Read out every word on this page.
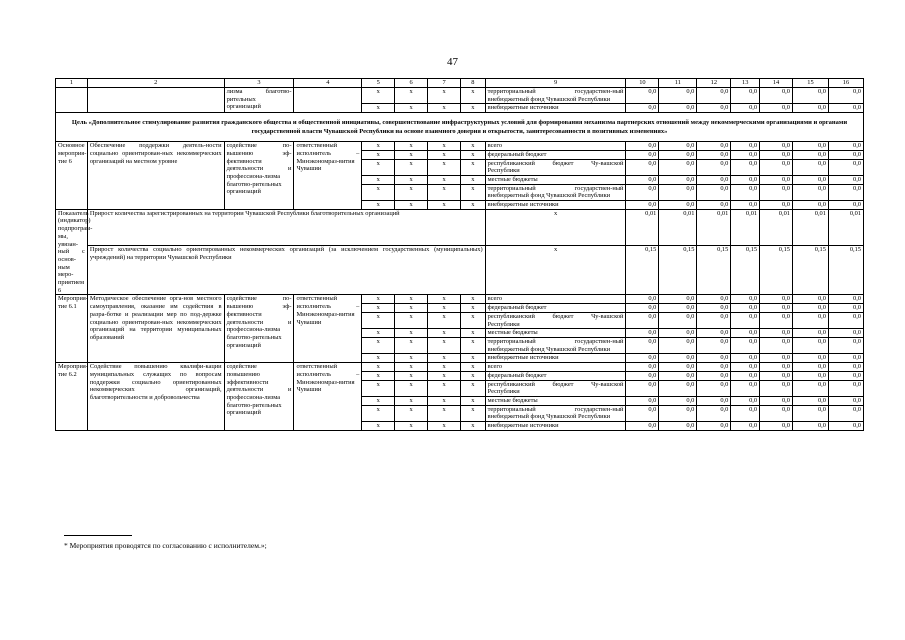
47
1	2	3	4	5	6	7	8	9	10	11	12	13	14	15	16
		лизма благотво-рительных организаций		x	x	x	x	территориальный государствен-ный внебюджетный фонд Чувашской Республики	0,0	0,0	0,0	0,0	0,0	0,0	0,0
				x	x	x	x	внебюджетные источники	0,0	0,0	0,0	0,0	0,0	0,0	0,0
Цель «Дополнительное стимулирование развития гражданского общества и общественной инициативы, совершенствование инфраструктурных условий для формирования механизма партнерских отношений между некоммерческими организациями и органами государственной власти Чувашской Республики на основе взаимного доверия и открытости, заинтересованности в позитивных изменениях»															
Основное мероприя-тие 6	Обеспечение поддержки деятель-ности социально ориентирован-ных некоммерческих организаций на местном уровне	содействие по-вышению эф-фективности деятельности и профессиона-лизма благотво-рительных организаций	ответственный исполнитель – Минэкономраз-вития Чувашии	x	x	x	x	всего	0,0	0,0	0,0	0,0	0,0	0,0	0,0
				x	x	x	x	федеральный бюджет	0,0	0,0	0,0	0,0	0,0	0,0	0,0
				x	x	x	x	республиканский бюджет Чу-вашской Республики	0,0	0,0	0,0	0,0	0,0	0,0	0,0
				x	x	x	x	местные бюджеты	0,0	0,0	0,0	0,0	0,0	0,0	0,0
				x	x	x	x	территориальный государствен-ный внебюджетный фонд Чувашской Республики	0,0	0,0	0,0	0,0	0,0	0,0	0,0
				x	x	x	x	внебюджетные источники	0,0	0,0	0,0	0,0	0,0	0,0	0,0
Показатель (индикатор) подпрограм-мы, увязан-ный с основ-ным меро-приятием 6	Прирост количества зарегистрированных на территории Чувашской Республики благотворительных организаций							x	0,01	0,01	0,01	0,01	0,01	0,01	0,01
	Прирост количества социально ориентированных некоммерческих организаций (за исключением государственных (муниципальных) учреждений) на территории Чувашской Республики							x	0,15	0,15	0,15	0,15	0,15	0,15	0,15
Мероприя-тие 6.1	Методическое обеспечение орга-нов местного самоуправления, оказание им содействия в разра-ботке и реализации мер по под-держке социально ориентирован-ных некоммерческих организаций на территории муниципальных образований	содействие по-вышению эф-фективности деятельности и профессиона-лизма благотво-рительных организаций	ответственный исполнитель – Минэкономраз-вития Чувашии	x	x	x	x	всего	0,0	0,0	0,0	0,0	0,0	0,0	0,0
				x	x	x	x	федеральный бюджет	0,0	0,0	0,0	0,0	0,0	0,0	0,0
				x	x	x	x	республиканский бюджет Чу-вашской Республики	0,0	0,0	0,0	0,0	0,0	0,0	0,0
				x	x	x	x	местные бюджеты	0,0	0,0	0,0	0,0	0,0	0,0	0,0
				x	x	x	x	территориальный государствен-ный внебюджетный фонд Чувашской Республики	0,0	0,0	0,0	0,0	0,0	0,0	0,0
				x	x	x	x	внебюджетные источники	0,0	0,0	0,0	0,0	0,0	0,0	0,0
Мероприя-тие 6.2	Содействие повышению квалифи-кации муниципальных служащих по вопросам поддержки социально ориентированных некоммерческих организаций, благотворительности и добровольчества	содействие повышению эффективности деятельности и профессиона-лизма благотво-рительных организаций	ответственный исполнитель – Минэкономраз-вития Чувашии	x	x	x	x	всего	0,0	0,0	0,0	0,0	0,0	0,0	0,0
				x	x	x	x	федеральный бюджет	0,0	0,0	0,0	0,0	0,0	0,0	0,0
				x	x	x	x	республиканский бюджет Чу-вашской Республики	0,0	0,0	0,0	0,0	0,0	0,0	0,0
				x	x	x	x	местные бюджеты	0,0	0,0	0,0	0,0	0,0	0,0	0,0
				x	x	x	x	территориальный государствен-ный внебюджетный фонд Чувашской Республики	0,0	0,0	0,0	0,0	0,0	0,0	0,0
				x	x	x	x	внебюджетные источники	0,0	0,0	0,0	0,0	0,0	0,0	0,0
* Мероприятия проводятся по согласованию с исполнителем.»;
